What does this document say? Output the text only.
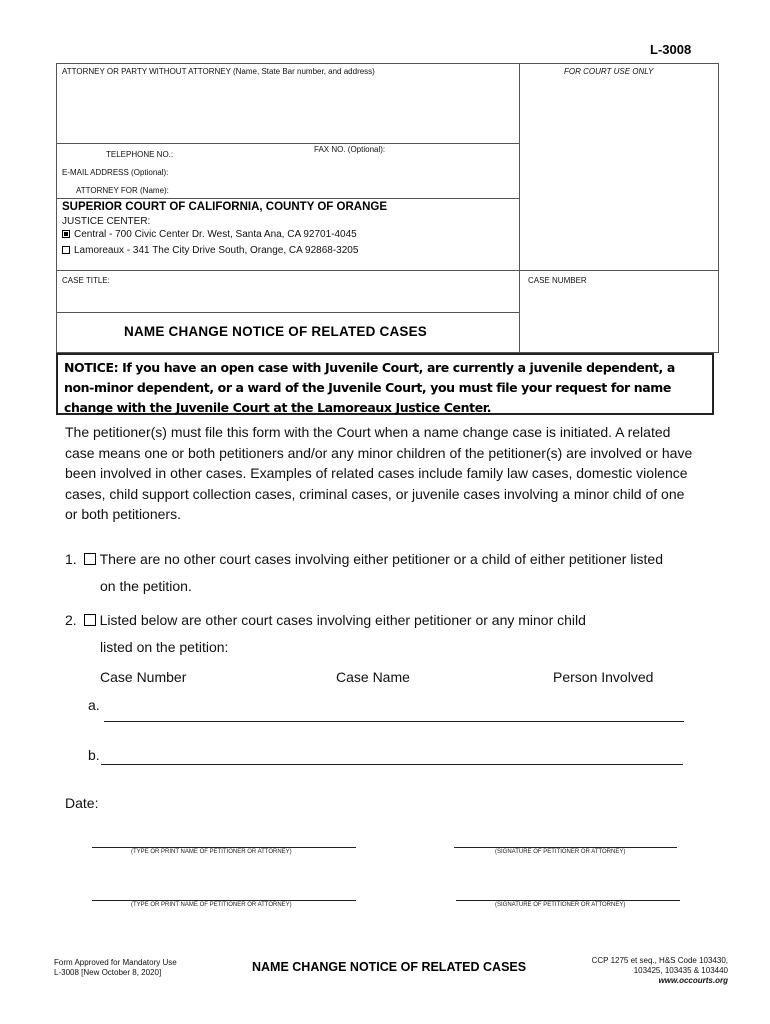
L-3008
ATTORNEY OR PARTY WITHOUT ATTORNEY (Name, State Bar number, and address)	FOR COURT USE ONLY
TELEPHONE NO.:
FAX NO. (Optional):
E-MAIL ADDRESS (Optional):
ATTORNEY FOR (Name):
SUPERIOR COURT OF CALIFORNIA, COUNTY OF ORANGE
JUSTICE CENTER:
Central - 700 Civic Center Dr. West, Santa Ana, CA 92701-4045
Lamoreaux - 341 The City Drive South, Orange, CA 92868-3205
CASE TITLE:	CASE NUMBER
NAME CHANGE NOTICE OF RELATED CASES
NOTICE: If you have an open case with Juvenile Court, are currently a juvenile dependent, a non-minor dependent, or a ward of the Juvenile Court, you must file your request for name change with the Juvenile Court at the Lamoreaux Justice Center.
The petitioner(s) must file this form with the Court when a name change case is initiated. A related case means one or both petitioners and/or any minor children of the petitioner(s) are involved or have been involved in other cases. Examples of related cases include family law cases, domestic violence cases, child support collection cases, criminal cases, or juvenile cases involving a minor child of one or both petitioners.
1. There are no other court cases involving either petitioner or a child of either petitioner listed
on the petition.
2. Listed below are other court cases involving either petitioner or any minor child
listed on the petition:
Case Number	Case Name	Person Involved
a.
b.
Date:
(TYPE OR PRINT NAME OF PETITIONER OR ATTORNEY)	(SIGNATURE OF PETITIONER OR ATTORNEY)
(TYPE OR PRINT NAME OF PETITIONER OR ATTORNEY)	(SIGNATURE OF PETITIONER OR ATTORNEY)
Form Approved for Mandatory Use
L-3008 [New October 8, 2020]	NAME CHANGE NOTICE OF RELATED CASES	CCP 1275 et seq., H&S Code 103430,
103425, 103435 & 103440
www.occourts.org
